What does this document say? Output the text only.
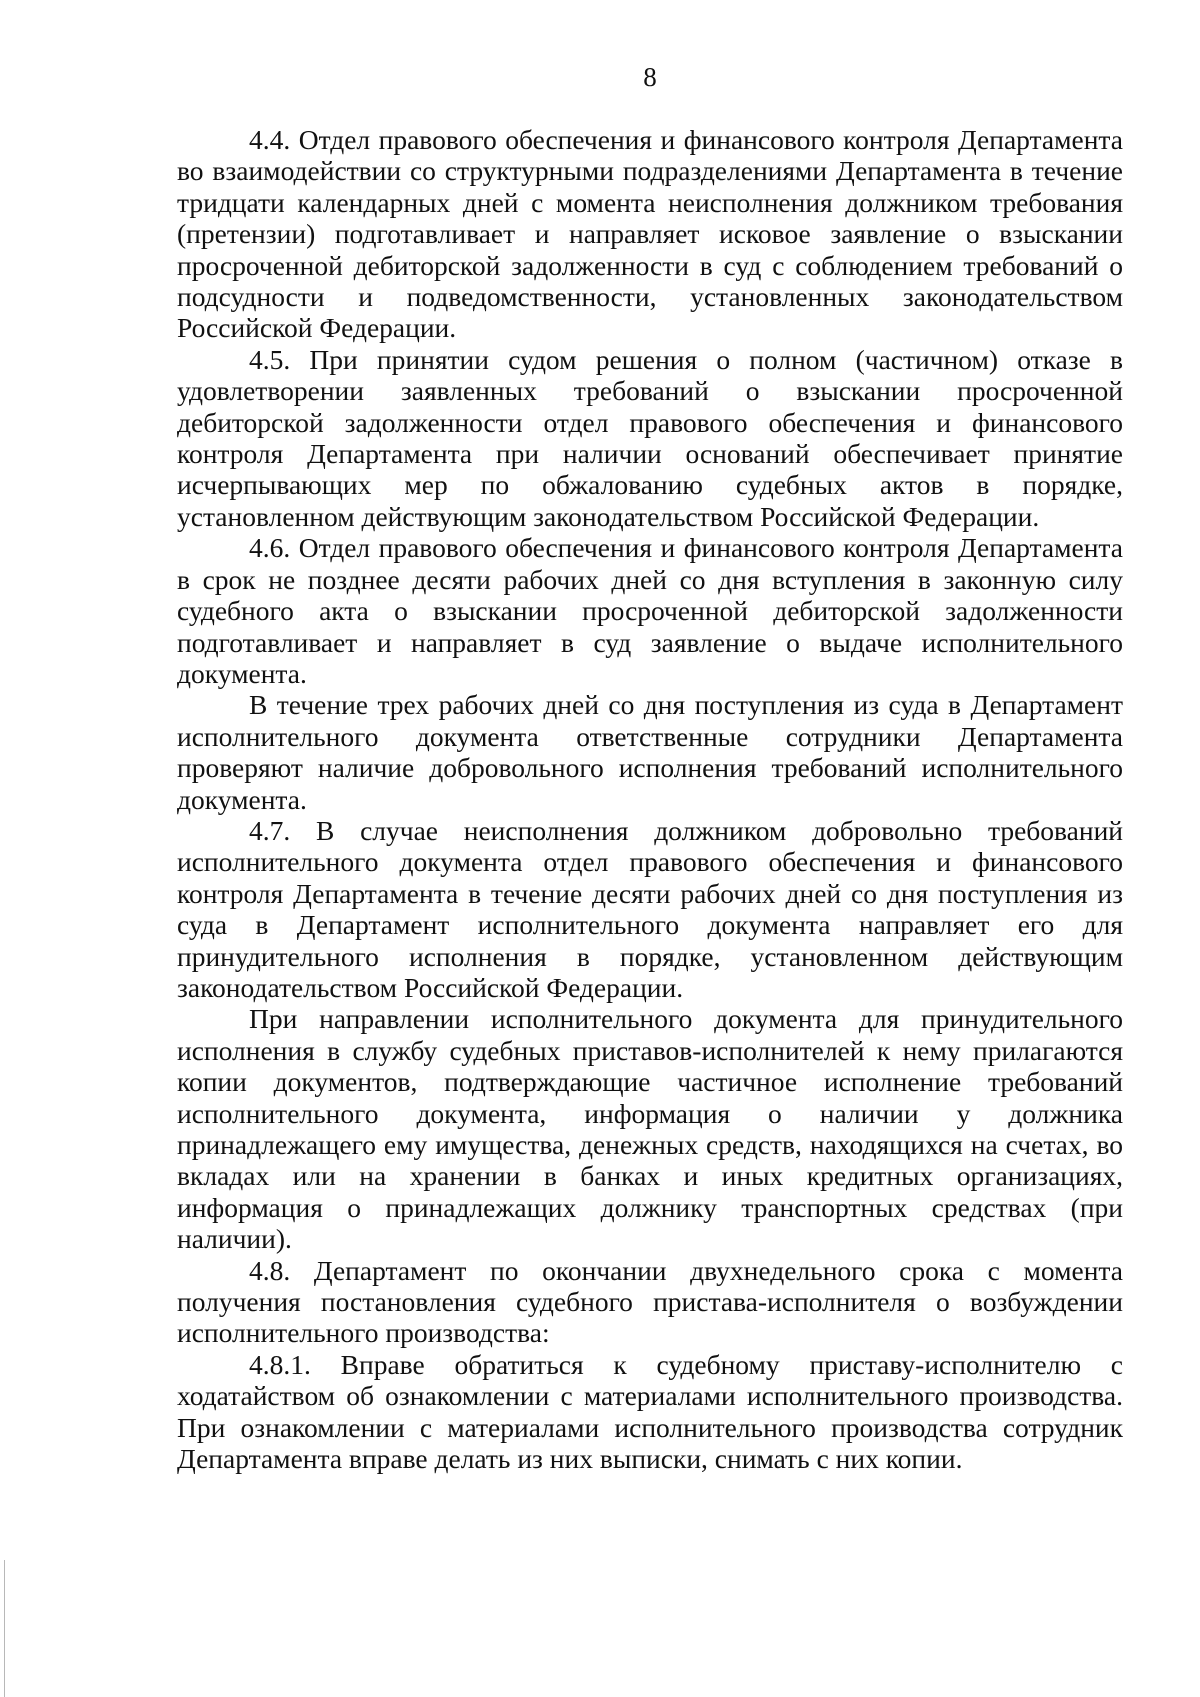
8

4.4. Отдел правового обеспечения и финансового контроля Департамента во взаимодействии со структурными подразделениями Департамента в течение тридцати календарных дней с момента неисполнения должником требования (претензии) подготавливает и направляет исковое заявление о взыскании просроченной дебиторской задолженности в суд с соблюдением требований о подсудности и подведомственности, установленных законодательством Российской Федерации.

4.5. При принятии судом решения о полном (частичном) отказе в удовлетворении заявленных требований о взыскании просроченной дебиторской задолженности отдел правового обеспечения и финансового контроля Департамента при наличии оснований обеспечивает принятие исчерпывающих мер по обжалованию судебных актов в порядке, установленном действующим законодательством Российской Федерации.

4.6. Отдел правового обеспечения и финансового контроля Департамента в срок не позднее десяти рабочих дней со дня вступления в законную силу судебного акта о взыскании просроченной дебиторской задолженности подготавливает и направляет в суд заявление о выдаче исполнительного документа.

В течение трех рабочих дней со дня поступления из суда в Департамент исполнительного документа ответственные сотрудники Департамента проверяют наличие добровольного исполнения требований исполнительного документа.

4.7. В случае неисполнения должником добровольно требований исполнительного документа отдел правового обеспечения и финансового контроля Департамента в течение десяти рабочих дней со дня поступления из суда в Департамент исполнительного документа направляет его для принудительного исполнения в порядке, установленном действующим законодательством Российской Федерации.

При направлении исполнительного документа для принудительного исполнения в службу судебных приставов-исполнителей к нему прилагаются копии документов, подтверждающие частичное исполнение требований исполнительного документа, информация о наличии у должника принадлежащего ему имущества, денежных средств, находящихся на счетах, во вкладах или на хранении в банках и иных кредитных организациях, информация о принадлежащих должнику транспортных средствах (при наличии).

4.8. Департамент по окончании двухнедельного срока с момента получения постановления судебного пристава-исполнителя о возбуждении исполнительного производства:

4.8.1. Вправе обратиться к судебному приставу-исполнителю с ходатайством об ознакомлении с материалами исполнительного производства. При ознакомлении с материалами исполнительного производства сотрудник Департамента вправе делать из них выписки, снимать с них копии.
